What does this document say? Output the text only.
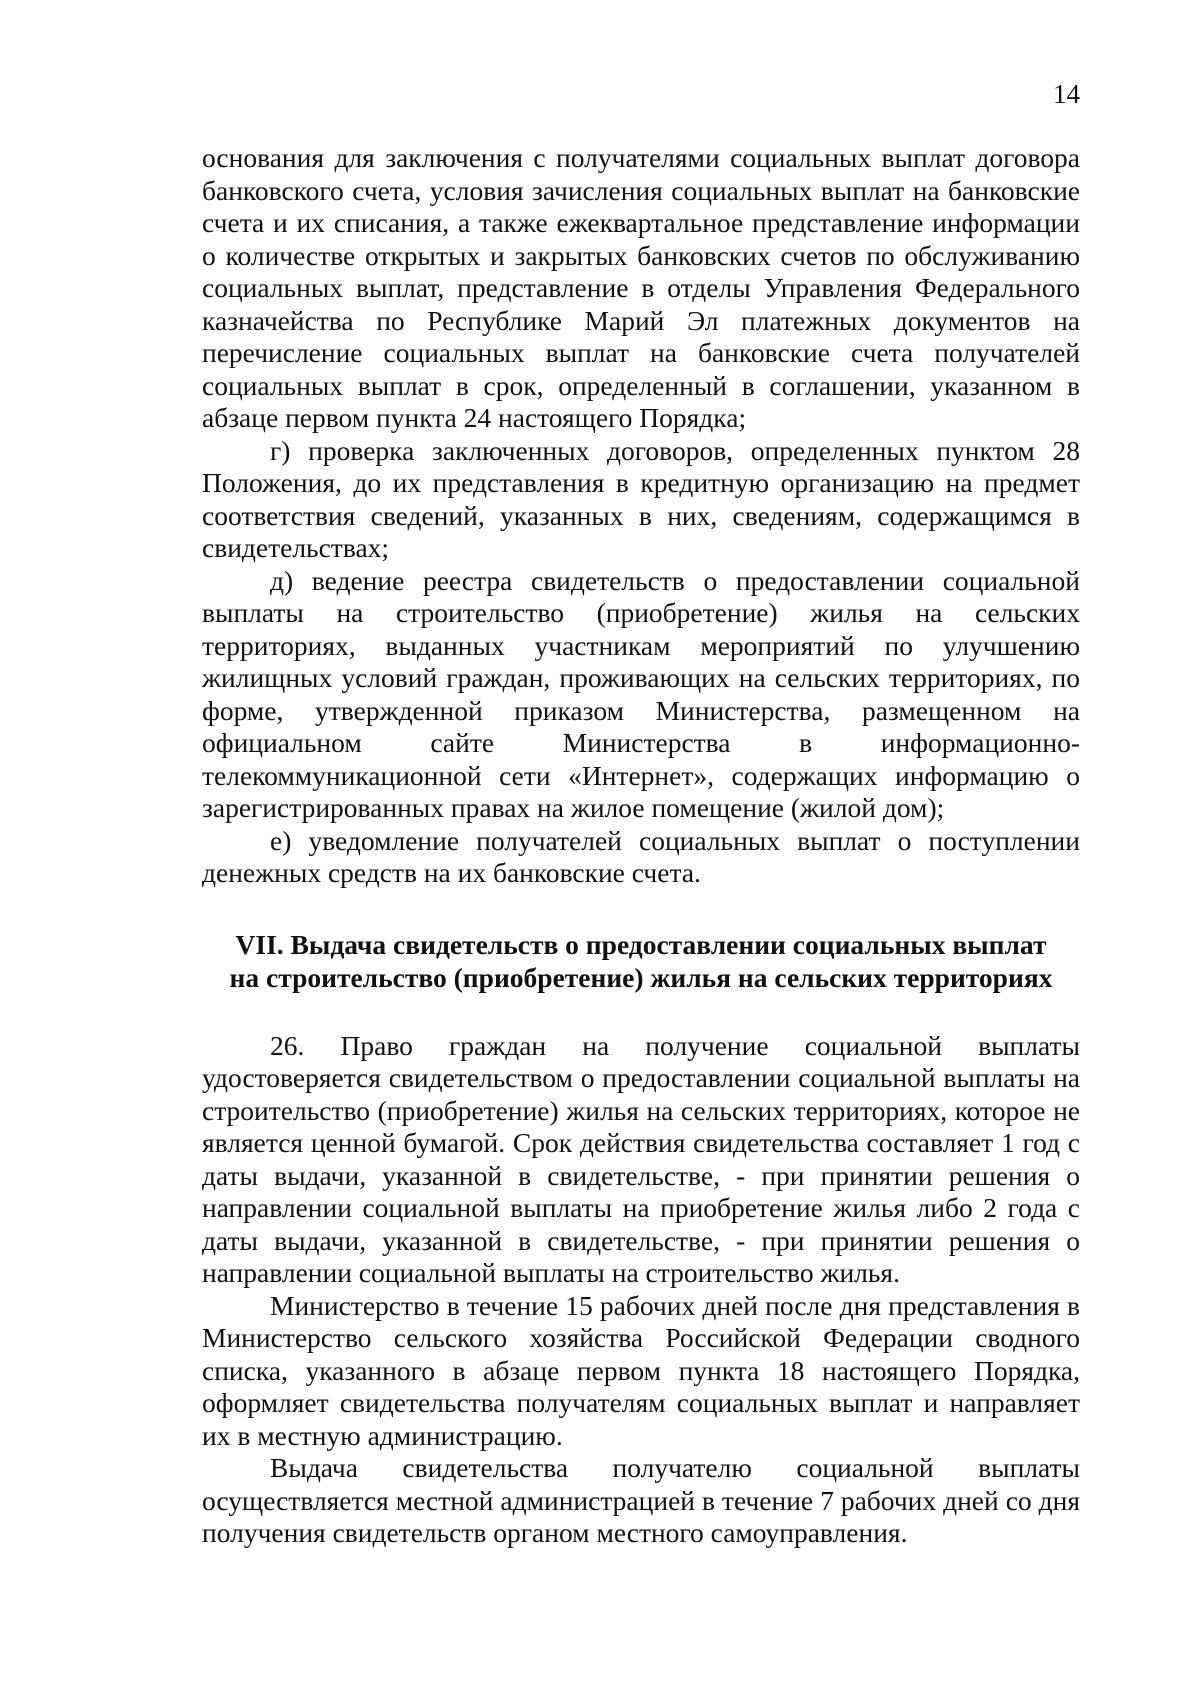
14

основания для заключения с получателями социальных выплат договора банковского счета, условия зачисления социальных выплат на банковские счета и их списания, а также ежеквартальное представление информации о количестве открытых и закрытых банковских счетов по обслуживанию социальных выплат, представление в отделы Управления Федерального казначейства по Республике Марий Эл платежных документов на перечисление социальных выплат на банковские счета получателей социальных выплат в срок, определенный в соглашении, указанном в абзаце первом пункта 24 настоящего Порядка;

г) проверка заключенных договоров, определенных пунктом 28 Положения, до их представления в кредитную организацию на предмет соответствия сведений, указанных в них, сведениям, содержащимся в свидетельствах;

д) ведение реестра свидетельств о предоставлении социальной выплаты на строительство (приобретение) жилья на сельских территориях, выданных участникам мероприятий по улучшению жилищных условий граждан, проживающих на сельских территориях, по форме, утвержденной приказом Министерства, размещенном на официальном сайте Министерства в информационно-телекоммуникационной сети «Интернет», содержащих информацию о зарегистрированных правах на жилое помещение (жилой дом);

е) уведомление получателей социальных выплат о поступлении денежных средств на их банковские счета.

VII. Выдача свидетельств о предоставлении социальных выплат
на строительство (приобретение) жилья на сельских территориях

26. Право граждан на получение социальной выплаты удостоверяется свидетельством о предоставлении социальной выплаты на строительство (приобретение) жилья на сельских территориях, которое не является ценной бумагой. Срок действия свидетельства составляет 1 год с даты выдачи, указанной в свидетельстве, - при принятии решения о направлении социальной выплаты на приобретение жилья либо 2 года с даты выдачи, указанной в свидетельстве, - при принятии решения о направлении социальной выплаты на строительство жилья.

Министерство в течение 15 рабочих дней после дня представления в Министерство сельского хозяйства Российской Федерации сводного списка, указанного в абзаце первом пункта 18 настоящего Порядка, оформляет свидетельства получателям социальных выплат и направляет их в местную администрацию.

Выдача свидетельства получателю социальной выплаты осуществляется местной администрацией в течение 7 рабочих дней со дня получения свидетельств органом местного самоуправления.
